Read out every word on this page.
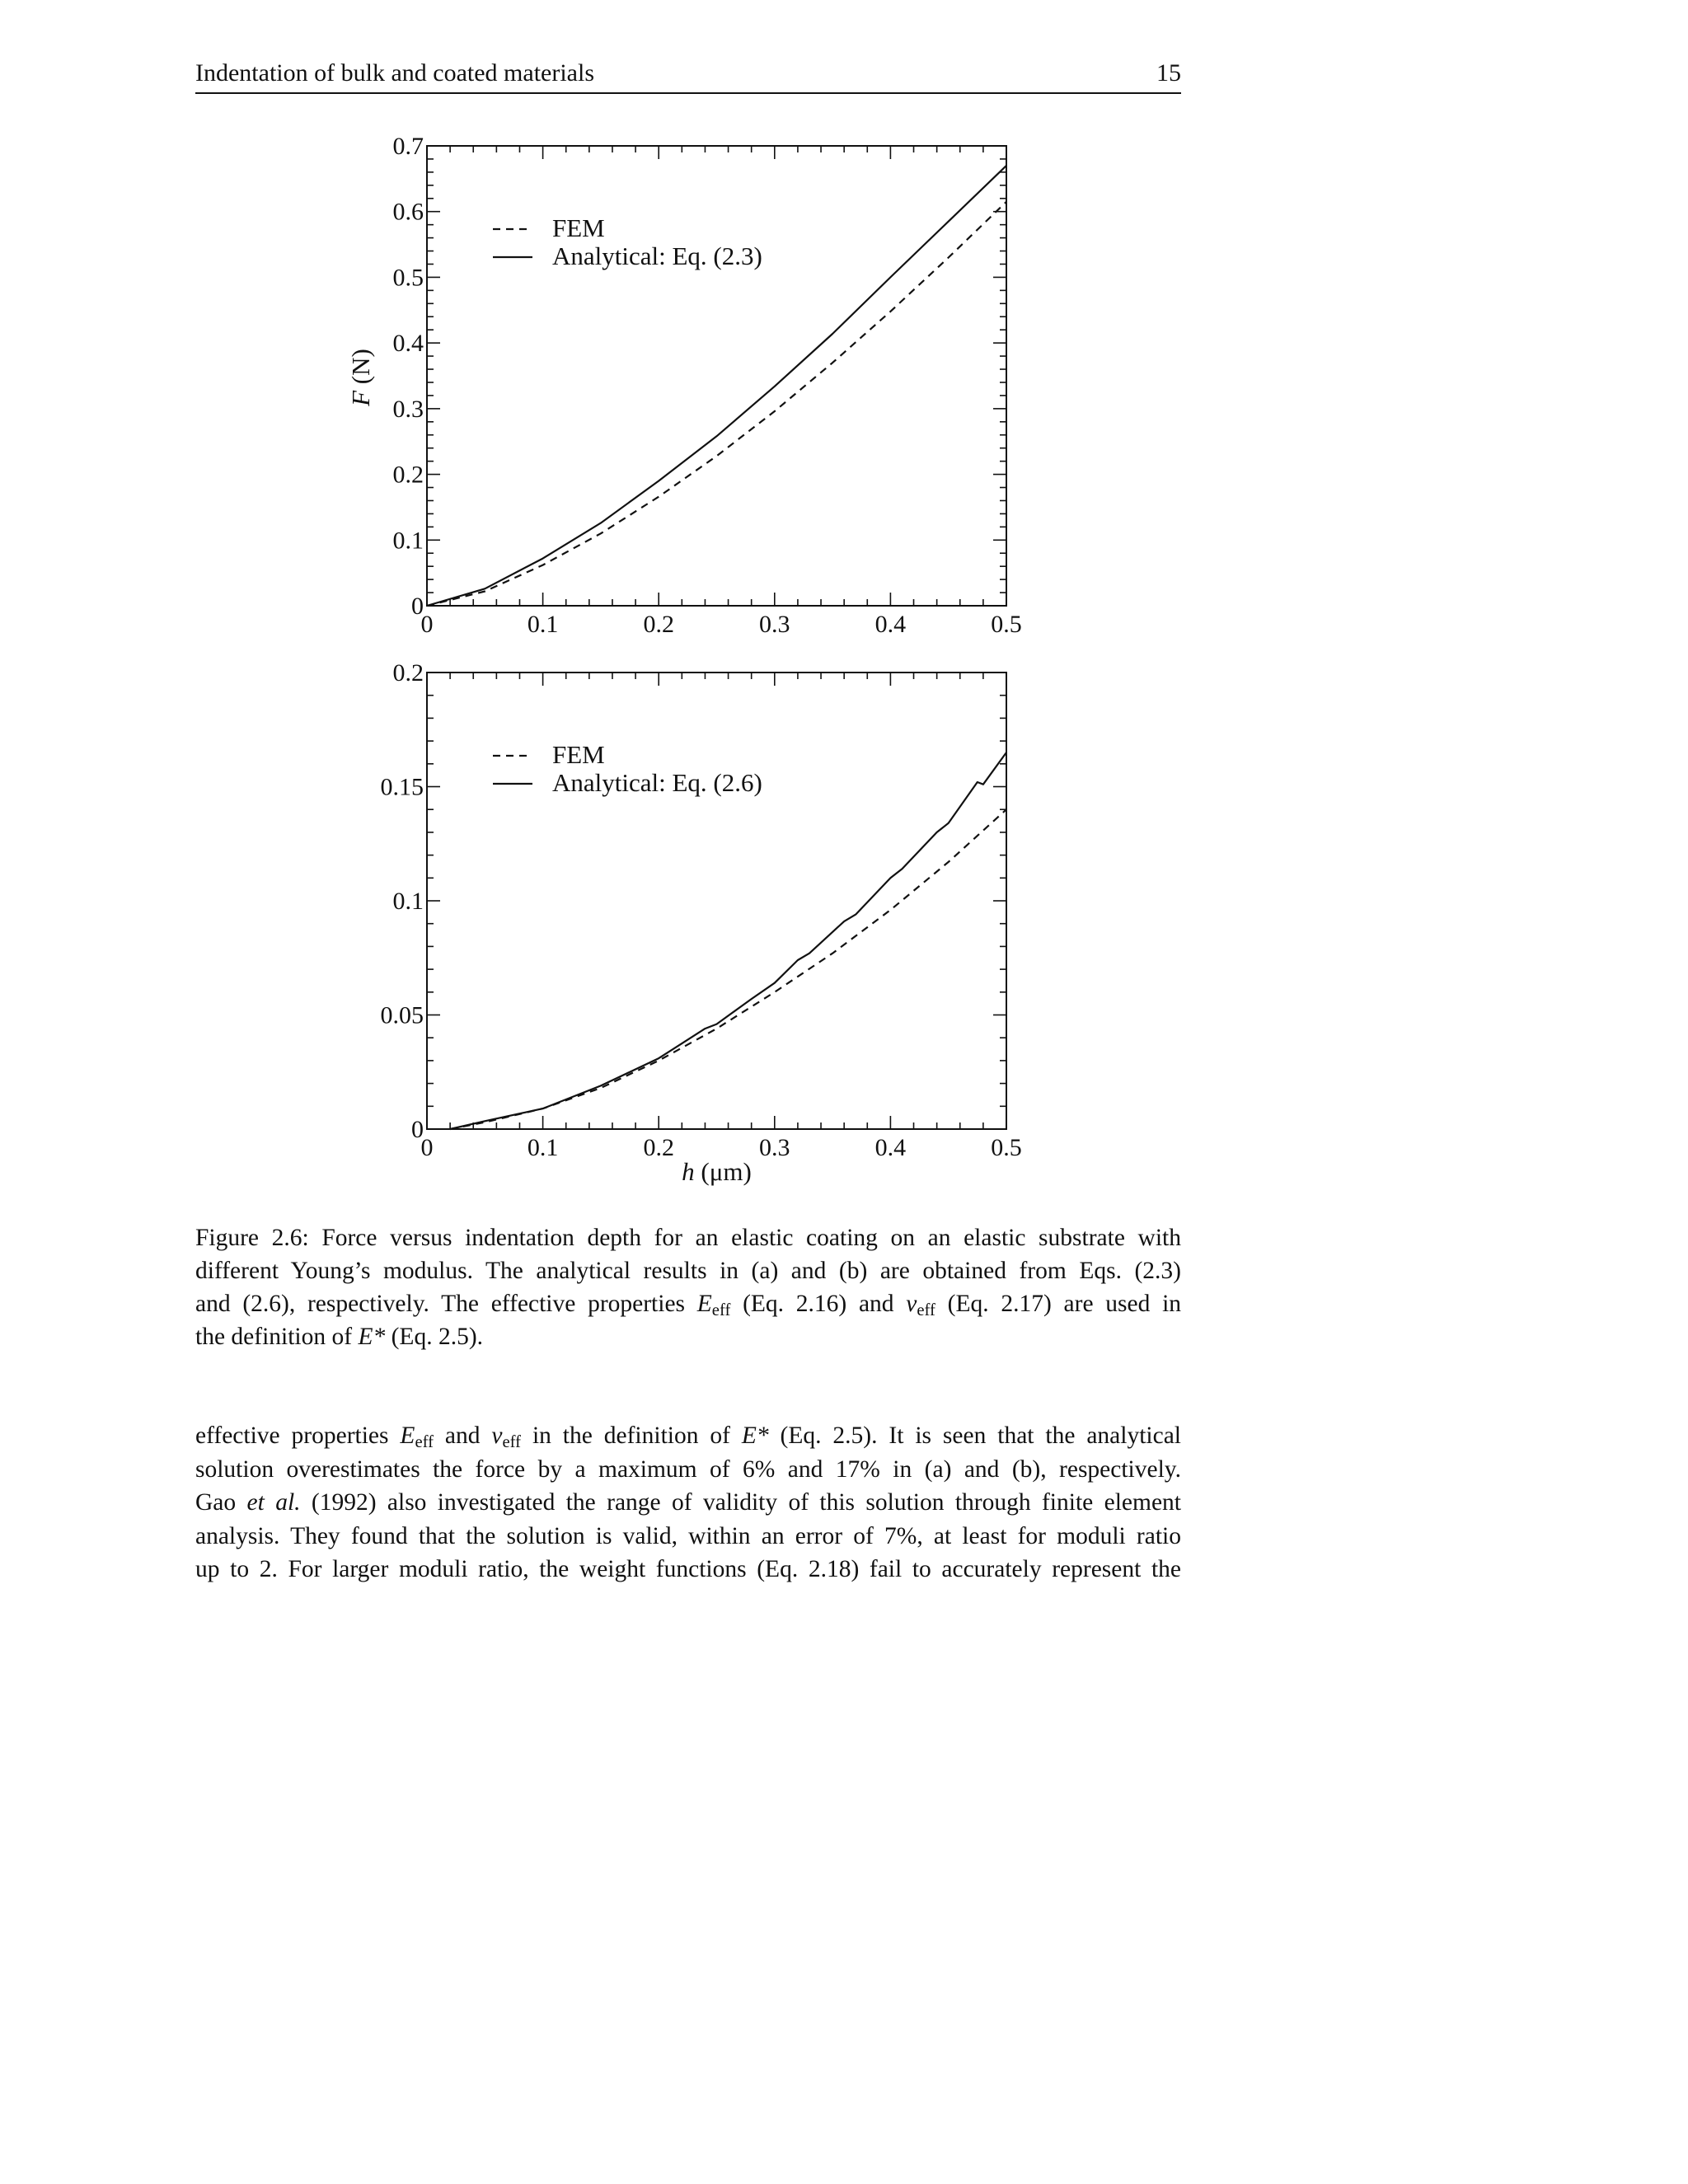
Indentation of bulk and coated materials	15
0	0.1	0.2	0.3	0.4	0.5
0
0.1
0.2
0.3
0.4
0.5
0.6
0.7
F (N)
FEM
Analytical: Eq. (2.3)
0	0.1	0.2	0.3	0.4	0.5
0
0.05
0.1
0.15
0.2
h (μm)
FEM
Analytical: Eq. (2.6)
Figure 2.6: Force versus indentation depth for an elastic coating on an elastic substrate with
different Young’s modulus. The analytical results in (a) and (b) are obtained from Eqs. (2.3)
and (2.6), respectively. The effective properties $E_{eff}$ (Eq. 2.16) and $\nu_{eff}$ (Eq. 2.17) are used in
the definition of E* (Eq. 2.5).
effective properties $E_{eff}$ and $\nu_{eff}$ in the definition of E* (Eq. 2.5). It is seen that the analytical
solution overestimates the force by a maximum of 6% and 17% in (a) and (b), respectively.
Gao et al. (1992) also investigated the range of validity of this solution through finite element
analysis. They found that the solution is valid, within an error of 7%, at least for moduli ratio
up to 2. For larger moduli ratio, the weight functions (Eq. 2.18) fail to accurately represent the
